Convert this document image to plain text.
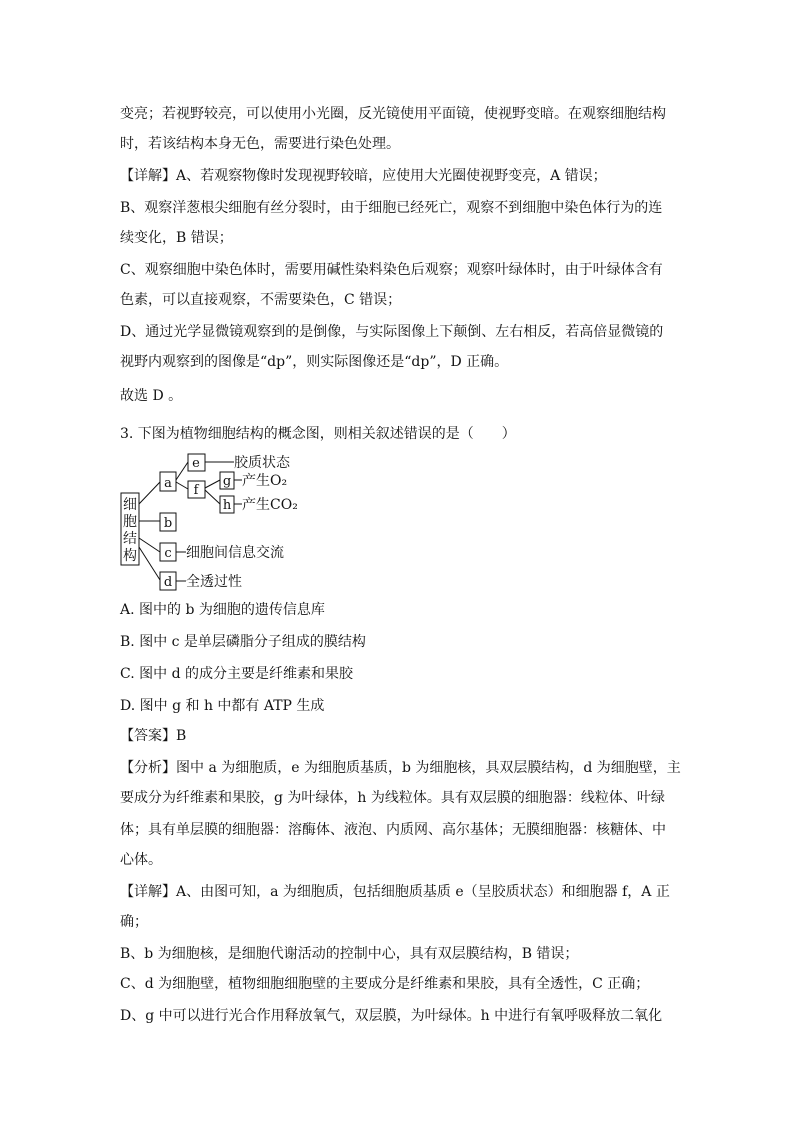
变亮；若视野较亮，可以使用小光圈，反光镜使用平面镜，使视野变暗。在观察细胞结构
时，若该结构本身无色，需要进行染色处理。
【详解】A、若观察物像时发现视野较暗，应使用大光圈使视野变亮，A 错误；
B、观察洋葱根尖细胞有丝分裂时，由于细胞已经死亡，观察不到细胞中染色体行为的连
续变化，B 错误；
C、观察细胞中染色体时，需要用碱性染料染色后观察；观察叶绿体时，由于叶绿体含有
色素，可以直接观察，不需要染色，C 错误；
D、通过光学显微镜观察到的是倒像，与实际图像上下颠倒、左右相反，若高倍显微镜的
视野内观察到的图像是“dp”，则实际图像还是“dp”，D 正确。
故选 D 。
3. 下图为植物细胞结构的概念图，则相关叙述错误的是（　　）
细胞结构
a
e
f
g
h
b
c
d
胶质状态
产生O₂
产生CO₂
细胞间信息交流
全透过性
A. 图中的 b 为细胞的遗传信息库
B. 图中 c 是单层磷脂分子组成的膜结构
C. 图中 d 的成分主要是纤维素和果胶
D. 图中 g 和 h 中都有 ATP 生成
【答案】B
【分析】图中 a 为细胞质，e 为细胞质基质，b 为细胞核，具双层膜结构，d 为细胞壁，主
要成分为纤维素和果胶，g 为叶绿体，h 为线粒体。具有双层膜的细胞器：线粒体、叶绿
体；具有单层膜的细胞器：溶酶体、液泡、内质网、高尔基体；无膜细胞器：核糖体、中
心体。
【详解】A、由图可知，a 为细胞质，包括细胞质基质 e（呈胶质状态）和细胞器 f，A 正
确；
B、b 为细胞核，是细胞代谢活动的控制中心，具有双层膜结构，B 错误；
C、d 为细胞壁，植物细胞细胞壁的主要成分是纤维素和果胶，具有全透性，C 正确；
D、g 中可以进行光合作用释放氧气，双层膜，为叶绿体。h 中进行有氧呼吸释放二氧化
